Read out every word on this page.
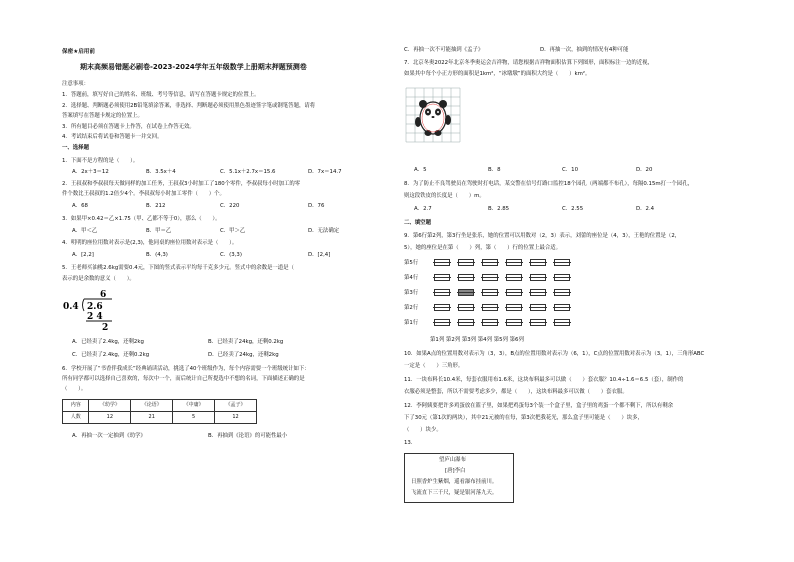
保密★启用前
期末高频易错题必刷卷-2023-2024学年五年级数学上册期末押题预测卷
注意事项：
1．答题前，填写好自己的姓名、班级、考号等信息，请写在答题卡规定的位置上。
2．选择题、判断题必须使用2B铅笔填涂答案，非选择、判断题必须使用黑色墨迹签字笔或钢笔答题，请将
答案填写在答题卡规定的位置上。
3．所有题目必须在答题卡上作答，在试卷上作答无效。
4．考试结束后将试卷和答题卡一并交回。
一、选择题
1．下面不是方程的是（　　）。
A．2x＋3＝12	B．3.5x＋4	C．5.1x＋2.7x＝15.6	D．7x＝14.7
2．王叔叔和李叔叔每天做同样的加工任务，王叔叔3小时加工了180个零件，李叔叔每小时加工的零
件个数比王叔叔的1.2倍少4个。李叔叔每小时加工零件（　　）个。
A．68	B．212	C．220	D．76
3．如果甲×0.42＝乙×1.75（甲、乙都不等于0），那么（　　）。
A．甲＜乙	B．甲＝乙	C．甲＞乙	D．无法确定
4．明明的座位用数对表示是(2,3)，他同桌的座位用数对表示是（　　）。
A．[2,2]	B．(4,3)	C．(3,3)	D．[2,4]
5．王老师买油桃2.6kg需要0.4元，下图的竖式表示平均每千克多少元。竖式中的余数是一道是（
表示的是余数的意义（　　）。
6
0.4 2.6
2 4
2
A．已经卖了2.4kg，还剩2kg	B．已经卖了24kg，还剩0.2kg
C．已经卖了2.4kg，还剩0.2kg	D．已经卖了24kg，还剩2kg
6．学校开展了“书香伴我成长”经典诵读活动，挑选了40个班级作为，每个内容需要一个班级统计如下：
所有同学都可以选择自己喜欢的，每次中一个，而后统计自己所提选中不想的名词，下面描述正确的是
（　　）。
内容	《幼学》	《论语》	《中庸》	《孟子》
人数	12	21	5	12
A．再抽一次一定抽到《幼学》	B．再抽到《论语》的可能性最小
C．再抽一次不可能抽到《孟子》	D．再抽一次，抽到的情况有4种可能
7．北京冬奥2022年北京冬季奥运会吉祥物，请您根据吉祥物面积估算下列图形，面积标注一边的近视，
如果其中每个小正方形的面积是1km²，“冰墩墩”的面积大约是（　　）km²。
A．5	B．8	C．10	D．20
8．为了防止不良驾驶员在驾驶时打电话，某交警在信号灯路口监控18个园孔（两端都不布孔），每隔0.15m打一个园孔，
则这段铁皮的长度是（　　）m。
A．2.7	B．2.85	C．2.55	D．2.4
二、填空题
9．第6行第2列，第3行坐是张乐，她的位置可以用数对（2，3）表示，刘蕾的座位是（4，3），王艳的位置是（2，
5），她的座位是在第（　　）列，第（　　）行的位置上最合适。
第5行
第4行
第3行
第2行
第1行
第1列 第2列 第3列 第4列 第5列 第6列
10．如果A点的位置用数对表示为（3，3），B点的位置用数对表示为（6，1），C点的位置用数对表示为（3，1），三角形ABC
一定是（　　）三角形。
11．一块布料长10.4米，每套衣服用布1.6米，这块布料最多可以做（　　）套衣服？10.4÷1.6＝6.5（套），制作的
衣服必须是整套，所以不需要考虑多少，都是（　　），这块布料最多可以做（　　）套衣服。
12．李阿姨要把许多鸡蛋放在篮子里，如果把鸡蛋每3个装一个盒子里，盒子里的鸡蛋一个都不剩下，所以有剩余
下了30元（第1次的两块），其中21元被的在每，第3次把我花光，那么盒子里可能是（　　）块多，
（　　）块少。
13.
望庐山瀑布
[唐]李白
日照香炉生紫烟，遥看瀑布挂前川。
飞流直下三千尺，疑是银河落九天。
